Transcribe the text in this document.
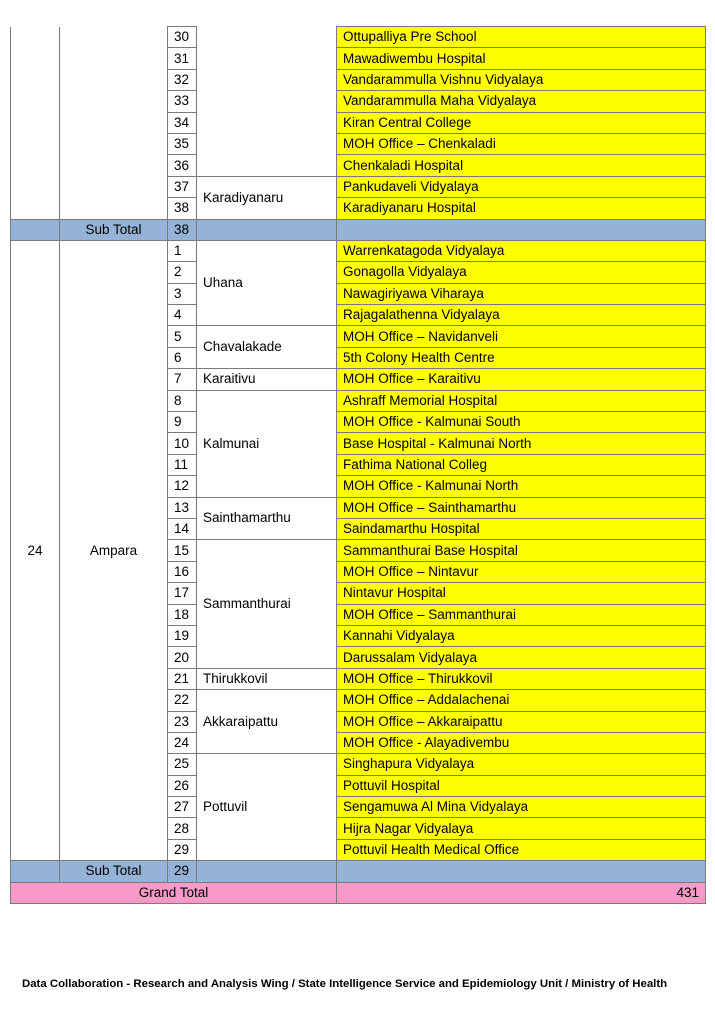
		30		Ottupalliya Pre School
		31		Mawadiwembu Hospital
		32		Vandarammulla Vishnu Vidyalaya
		33		Vandarammulla Maha Vidyalaya
		34		Kiran Central College
		35		MOH Office – Chenkaladi
		36		Chenkaladi Hospital
		37	Karadiyanaru	Pankudaveli Vidyalaya
		38		Karadiyanaru Hospital
	Sub Total	38		
24	Ampara	1	Uhana	Warrenkatagoda Vidyalaya
		2		Gonagolla Vidyalaya
		3		Nawagiriyawa Viharaya
		4		Rajagalathenna Vidyalaya
		5	Chavalakade	MOH Office – Navidanveli
		6		5th Colony Health Centre
		7	Karaitivu	MOH Office – Karaitivu
		8	Kalmunai	Ashraff Memorial Hospital
		9		MOH Office - Kalmunai South
		10		Base Hospital - Kalmunai North
		11		Fathima National Colleg
		12		MOH Office - Kalmunai North
		13	Sainthamarthu	MOH Office – Sainthamarthu
		14		Saindamarthu Hospital
		15	Sammanthurai	Sammanthurai Base Hospital
		16		MOH Office – Nintavur
		17		Nintavur Hospital
		18		MOH Office – Sammanthurai
		19		Kannahi Vidyalaya
		20		Darussalam Vidyalaya
		21	Thirukkovil	MOH Office – Thirukkovil
		22	Akkaraipattu	MOH Office – Addalachenai
		23		MOH Office – Akkaraipattu
		24		MOH Office - Alayadivembu
		25	Pottuvil	Singhapura Vidyalaya
		26		Pottuvil Hospital
		27		Sengamuwa Al Mina Vidyalaya
		28		Hijra Nagar Vidyalaya
		29		Pottuvil Health Medical Office
	Sub Total	29		
Grand Total				431
Data Collaboration - Research and Analysis Wing / State Intelligence Service and Epidemiology Unit / Ministry of Health
